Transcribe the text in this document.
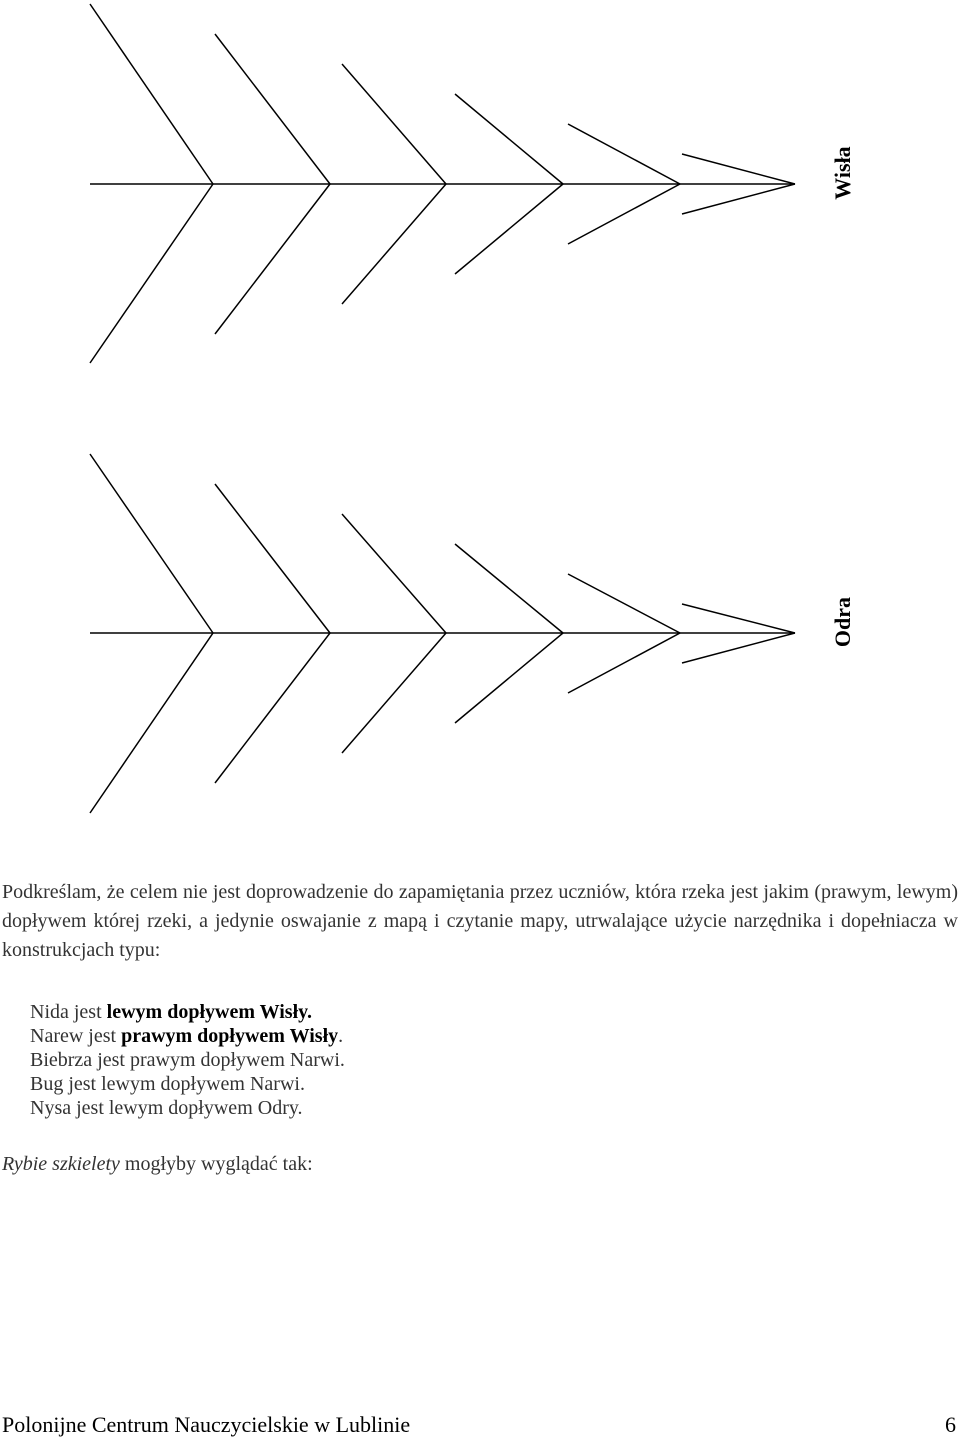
Wisła
Odra
Podkreślam, że celem nie jest doprowadzenie do zapamiętania przez uczniów, która rzeka jest jakim (prawym, lewym) dopływem której rzeki, a jedynie oswajanie z mapą i czytanie mapy, utrwalające użycie narzędnika i dopełniacza w konstrukcjach typu:
Nida jest lewym dopływem Wisły.
Narew jest prawym dopływem Wisły.
Biebrza jest prawym dopływem Narwi.
Bug jest lewym dopływem Narwi.
Nysa jest lewym dopływem Odry.
Rybie szkielety mogłyby wyglądać tak:
Polonijne Centrum Nauczycielskie w Lublinie	6
